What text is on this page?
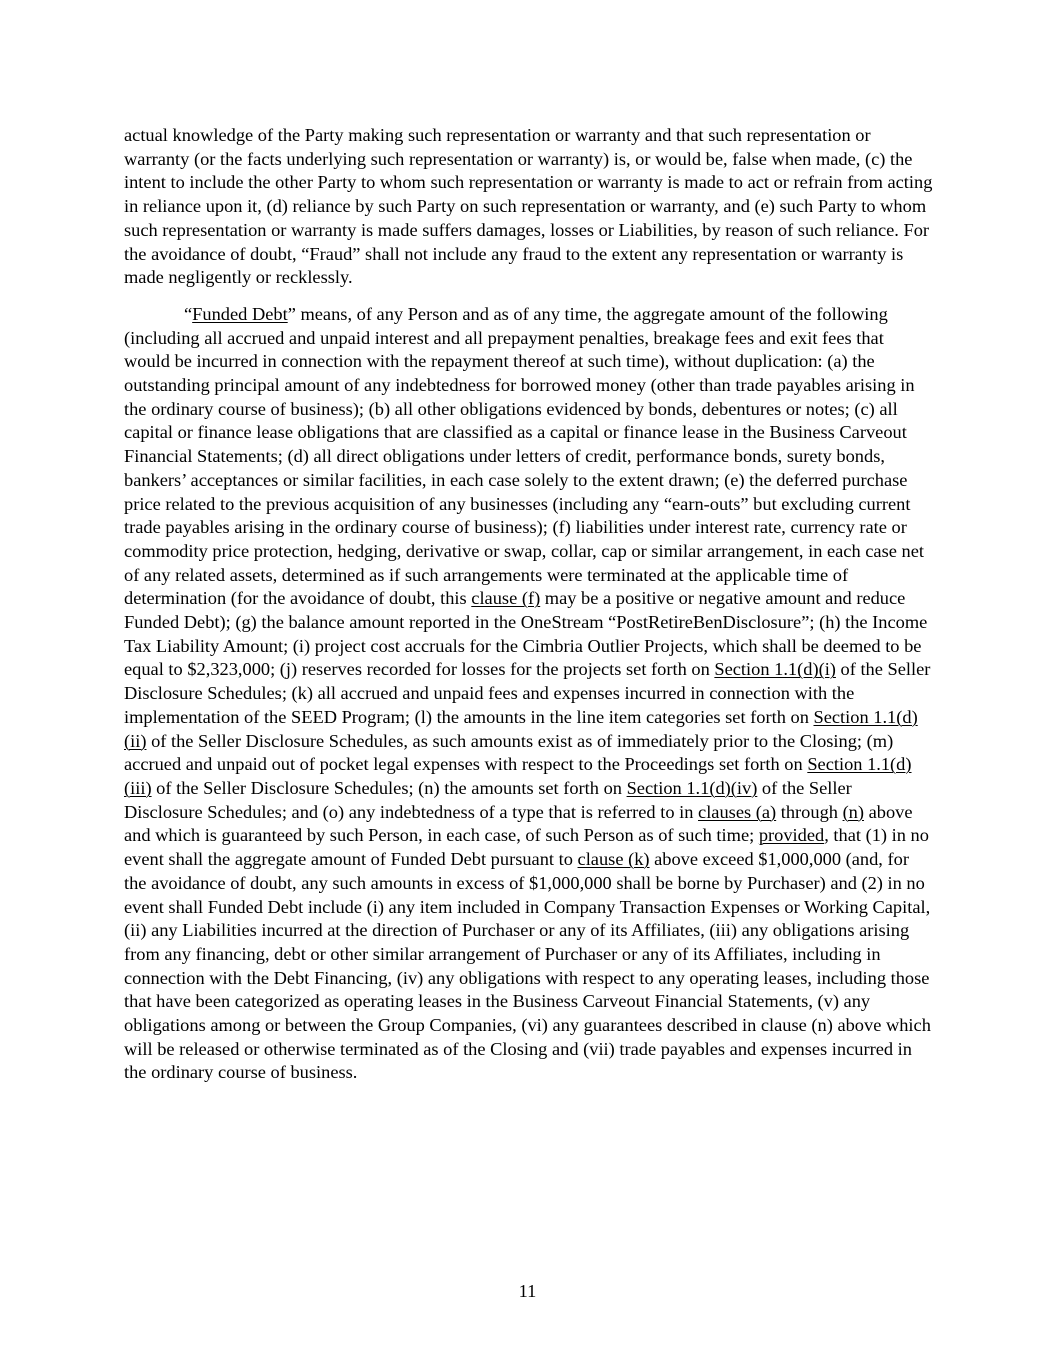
actual knowledge of the Party making such representation or warranty and that such representation or warranty (or the facts underlying such representation or warranty) is, or would be, false when made, (c) the intent to include the other Party to whom such representation or warranty is made to act or refrain from acting in reliance upon it, (d) reliance by such Party on such representation or warranty, and (e) such Party to whom such representation or warranty is made suffers damages, losses or Liabilities, by reason of such reliance. For the avoidance of doubt, “Fraud” shall not include any fraud to the extent any representation or warranty is made negligently or recklessly.

“Funded Debt” means, of any Person and as of any time, the aggregate amount of the following (including all accrued and unpaid interest and all prepayment penalties, breakage fees and exit fees that would be incurred in connection with the repayment thereof at such time), without duplication: (a) the outstanding principal amount of any indebtedness for borrowed money (other than trade payables arising in the ordinary course of business); (b) all other obligations evidenced by bonds, debentures or notes; (c) all capital or finance lease obligations that are classified as a capital or finance lease in the Business Carveout Financial Statements; (d) all direct obligations under letters of credit, performance bonds, surety bonds, bankers’ acceptances or similar facilities, in each case solely to the extent drawn; (e) the deferred purchase price related to the previous acquisition of any businesses (including any “earn-outs” but excluding current trade payables arising in the ordinary course of business); (f) liabilities under interest rate, currency rate or commodity price protection, hedging, derivative or swap, collar, cap or similar arrangement, in each case net of any related assets, determined as if such arrangements were terminated at the applicable time of determination (for the avoidance of doubt, this clause (f) may be a positive or negative amount and reduce Funded Debt); (g) the balance amount reported in the OneStream “PostRetireBenDisclosure”; (h) the Income Tax Liability Amount; (i) project cost accruals for the Cimbria Outlier Projects, which shall be deemed to be equal to $2,323,000; (j) reserves recorded for losses for the projects set forth on Section 1.1(d)(i) of the Seller Disclosure Schedules; (k) all accrued and unpaid fees and expenses incurred in connection with the implementation of the SEED Program; (l) the amounts in the line item categories set forth on Section 1.1(d)(ii) of the Seller Disclosure Schedules, as such amounts exist as of immediately prior to the Closing; (m) accrued and unpaid out of pocket legal expenses with respect to the Proceedings set forth on Section 1.1(d)(iii) of the Seller Disclosure Schedules; (n) the amounts set forth on Section 1.1(d)(iv) of the Seller Disclosure Schedules; and (o) any indebtedness of a type that is referred to in clauses (a) through (n) above and which is guaranteed by such Person, in each case, of such Person as of such time; provided, that (1) in no event shall the aggregate amount of Funded Debt pursuant to clause (k) above exceed $1,000,000 (and, for the avoidance of doubt, any such amounts in excess of $1,000,000 shall be borne by Purchaser) and (2) in no event shall Funded Debt include (i) any item included in Company Transaction Expenses or Working Capital, (ii) any Liabilities incurred at the direction of Purchaser or any of its Affiliates, (iii) any obligations arising from any financing, debt or other similar arrangement of Purchaser or any of its Affiliates, including in connection with the Debt Financing, (iv) any obligations with respect to any operating leases, including those that have been categorized as operating leases in the Business Carveout Financial Statements, (v) any obligations among or between the Group Companies, (vi) any guarantees described in clause (n) above which will be released or otherwise terminated as of the Closing and (vii) trade payables and expenses incurred in the ordinary course of business.

11
